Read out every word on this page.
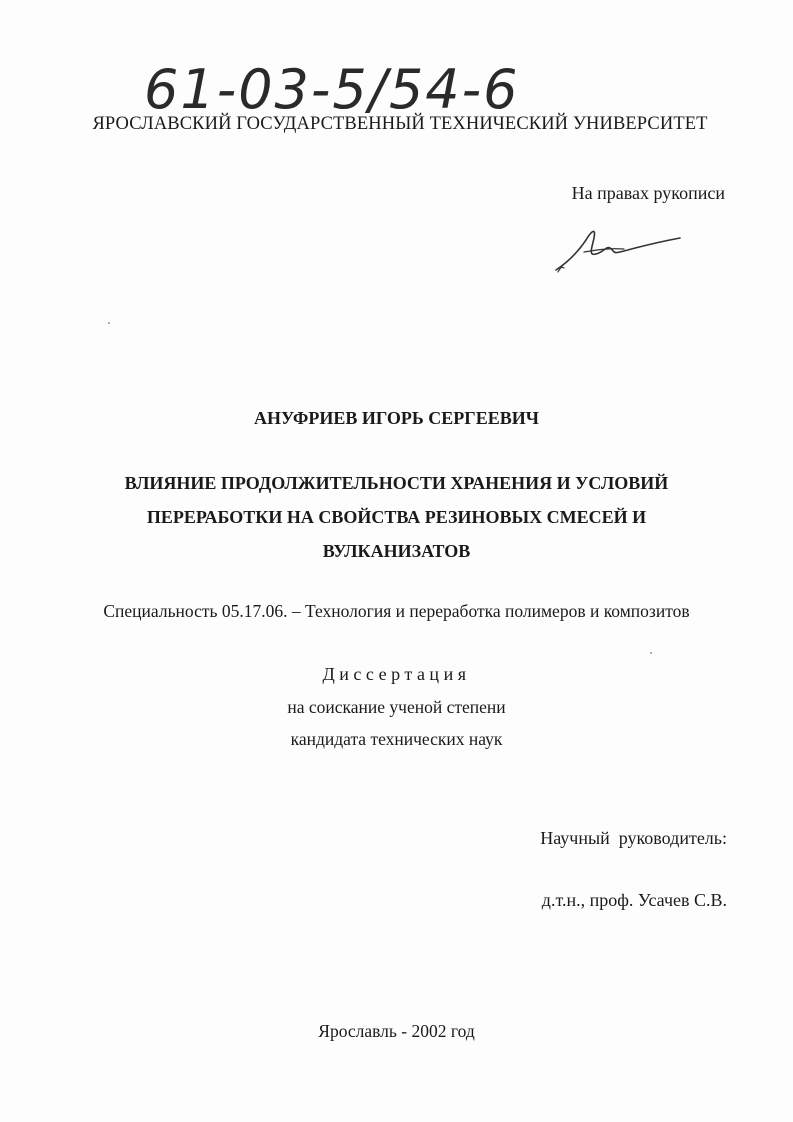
61-03-5/54-6
ЯРОСЛАВСКИЙ ГОСУДАРСТВЕННЫЙ ТЕХНИЧЕСКИЙ УНИВЕРСИТЕТ
На правах рукописи
АНУФРИЕВ ИГОРЬ СЕРГЕЕВИЧ
ВЛИЯНИЕ ПРОДОЛЖИТЕЛЬНОСТИ ХРАНЕНИЯ И УСЛОВИЙ
ПЕРЕРАБОТКИ НА СВОЙСТВА РЕЗИНОВЫХ СМЕСЕЙ И
ВУЛКАНИЗАТОВ
Специальность 05.17.06. – Технология и переработка полимеров и композитов
Диссертация
на соискание ученой степени
кандидата технических наук
Научный  руководитель:
д.т.н., проф. Усачев С.В.
Ярославль - 2002 год
